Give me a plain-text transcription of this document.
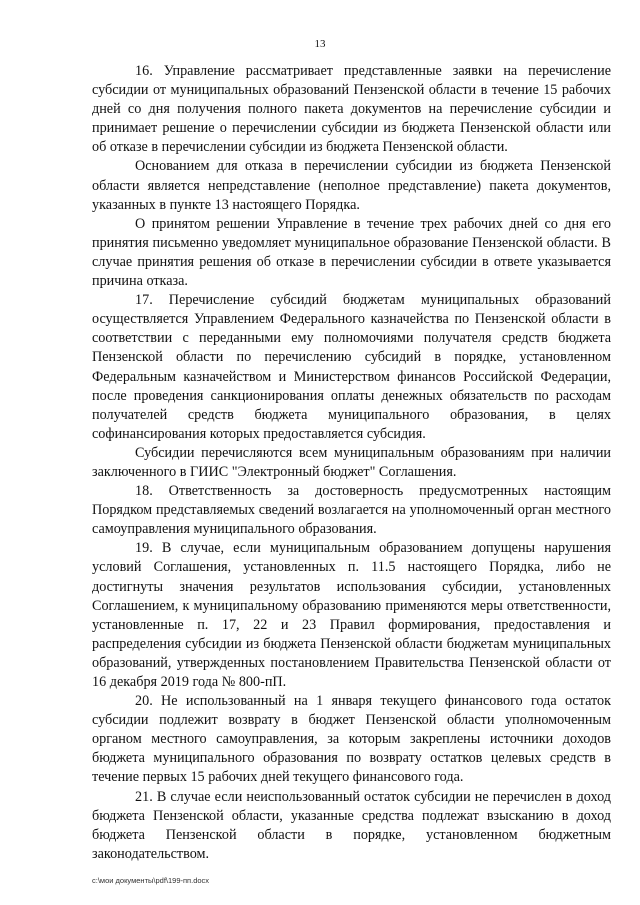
13

16. Управление рассматривает представленные заявки на перечисление субсидии от муниципальных образований Пензенской области в течение 15 рабочих дней со дня получения полного пакета документов на перечисление субсидии и принимает решение о перечислении субсидии из бюджета Пензенской области или об отказе в перечислении субсидии из бюджета Пензенской области.

Основанием для отказа в перечислении субсидии из бюджета Пензенской области является непредставление (неполное представление) пакета документов, указанных в пункте 13 настоящего Порядка.

О принятом решении Управление в течение трех рабочих дней со дня его принятия письменно уведомляет муниципальное образование Пензенской области. В случае принятия решения об отказе в перечислении субсидии в ответе указывается причина отказа.

17. Перечисление субсидий бюджетам муниципальных образований осуществляется Управлением Федерального казначейства по Пензенской области в соответствии с переданными ему полномочиями получателя средств бюджета Пензенской области по перечислению субсидий в порядке, установленном Федеральным казначейством и Министерством финансов Российской Федерации, после проведения санкционирования оплаты денежных обязательств по расходам получателей средств бюджета муниципального образования, в целях софинансирования которых предоставляется субсидия.

Субсидии перечисляются всем муниципальным образованиям при наличии заключенного в ГИИС "Электронный бюджет" Соглашения.

18. Ответственность за достоверность предусмотренных настоящим Порядком представляемых сведений возлагается на уполномоченный орган местного самоуправления муниципального образования.

19. В случае, если муниципальным образованием допущены нарушения условий Соглашения, установленных п. 11.5 настоящего Порядка, либо не достигнуты значения результатов использования субсидии, установленных Соглашением, к муниципальному образованию применяются меры ответственности, установленные п. 17, 22 и 23 Правил формирования, предоставления и распределения субсидии из бюджета Пензенской области бюджетам муниципальных образований, утвержденных постановлением Правительства Пензенской области от 16 декабря 2019 года № 800-пП.

20. Не использованный на 1 января текущего финансового года остаток субсидии подлежит возврату в бюджет Пензенской области уполномоченным органом местного самоуправления, за которым закреплены источники доходов бюджета муниципального образования по возврату остатков целевых средств в течение первых 15 рабочих дней текущего финансового года.

21. В случае если неиспользованный остаток субсидии не перечислен в доход бюджета Пензенской области, указанные средства подлежат взысканию в доход бюджета Пензенской области в порядке, установленном бюджетным законодательством.

c:\мои документы\pdf\199-пп.docx
